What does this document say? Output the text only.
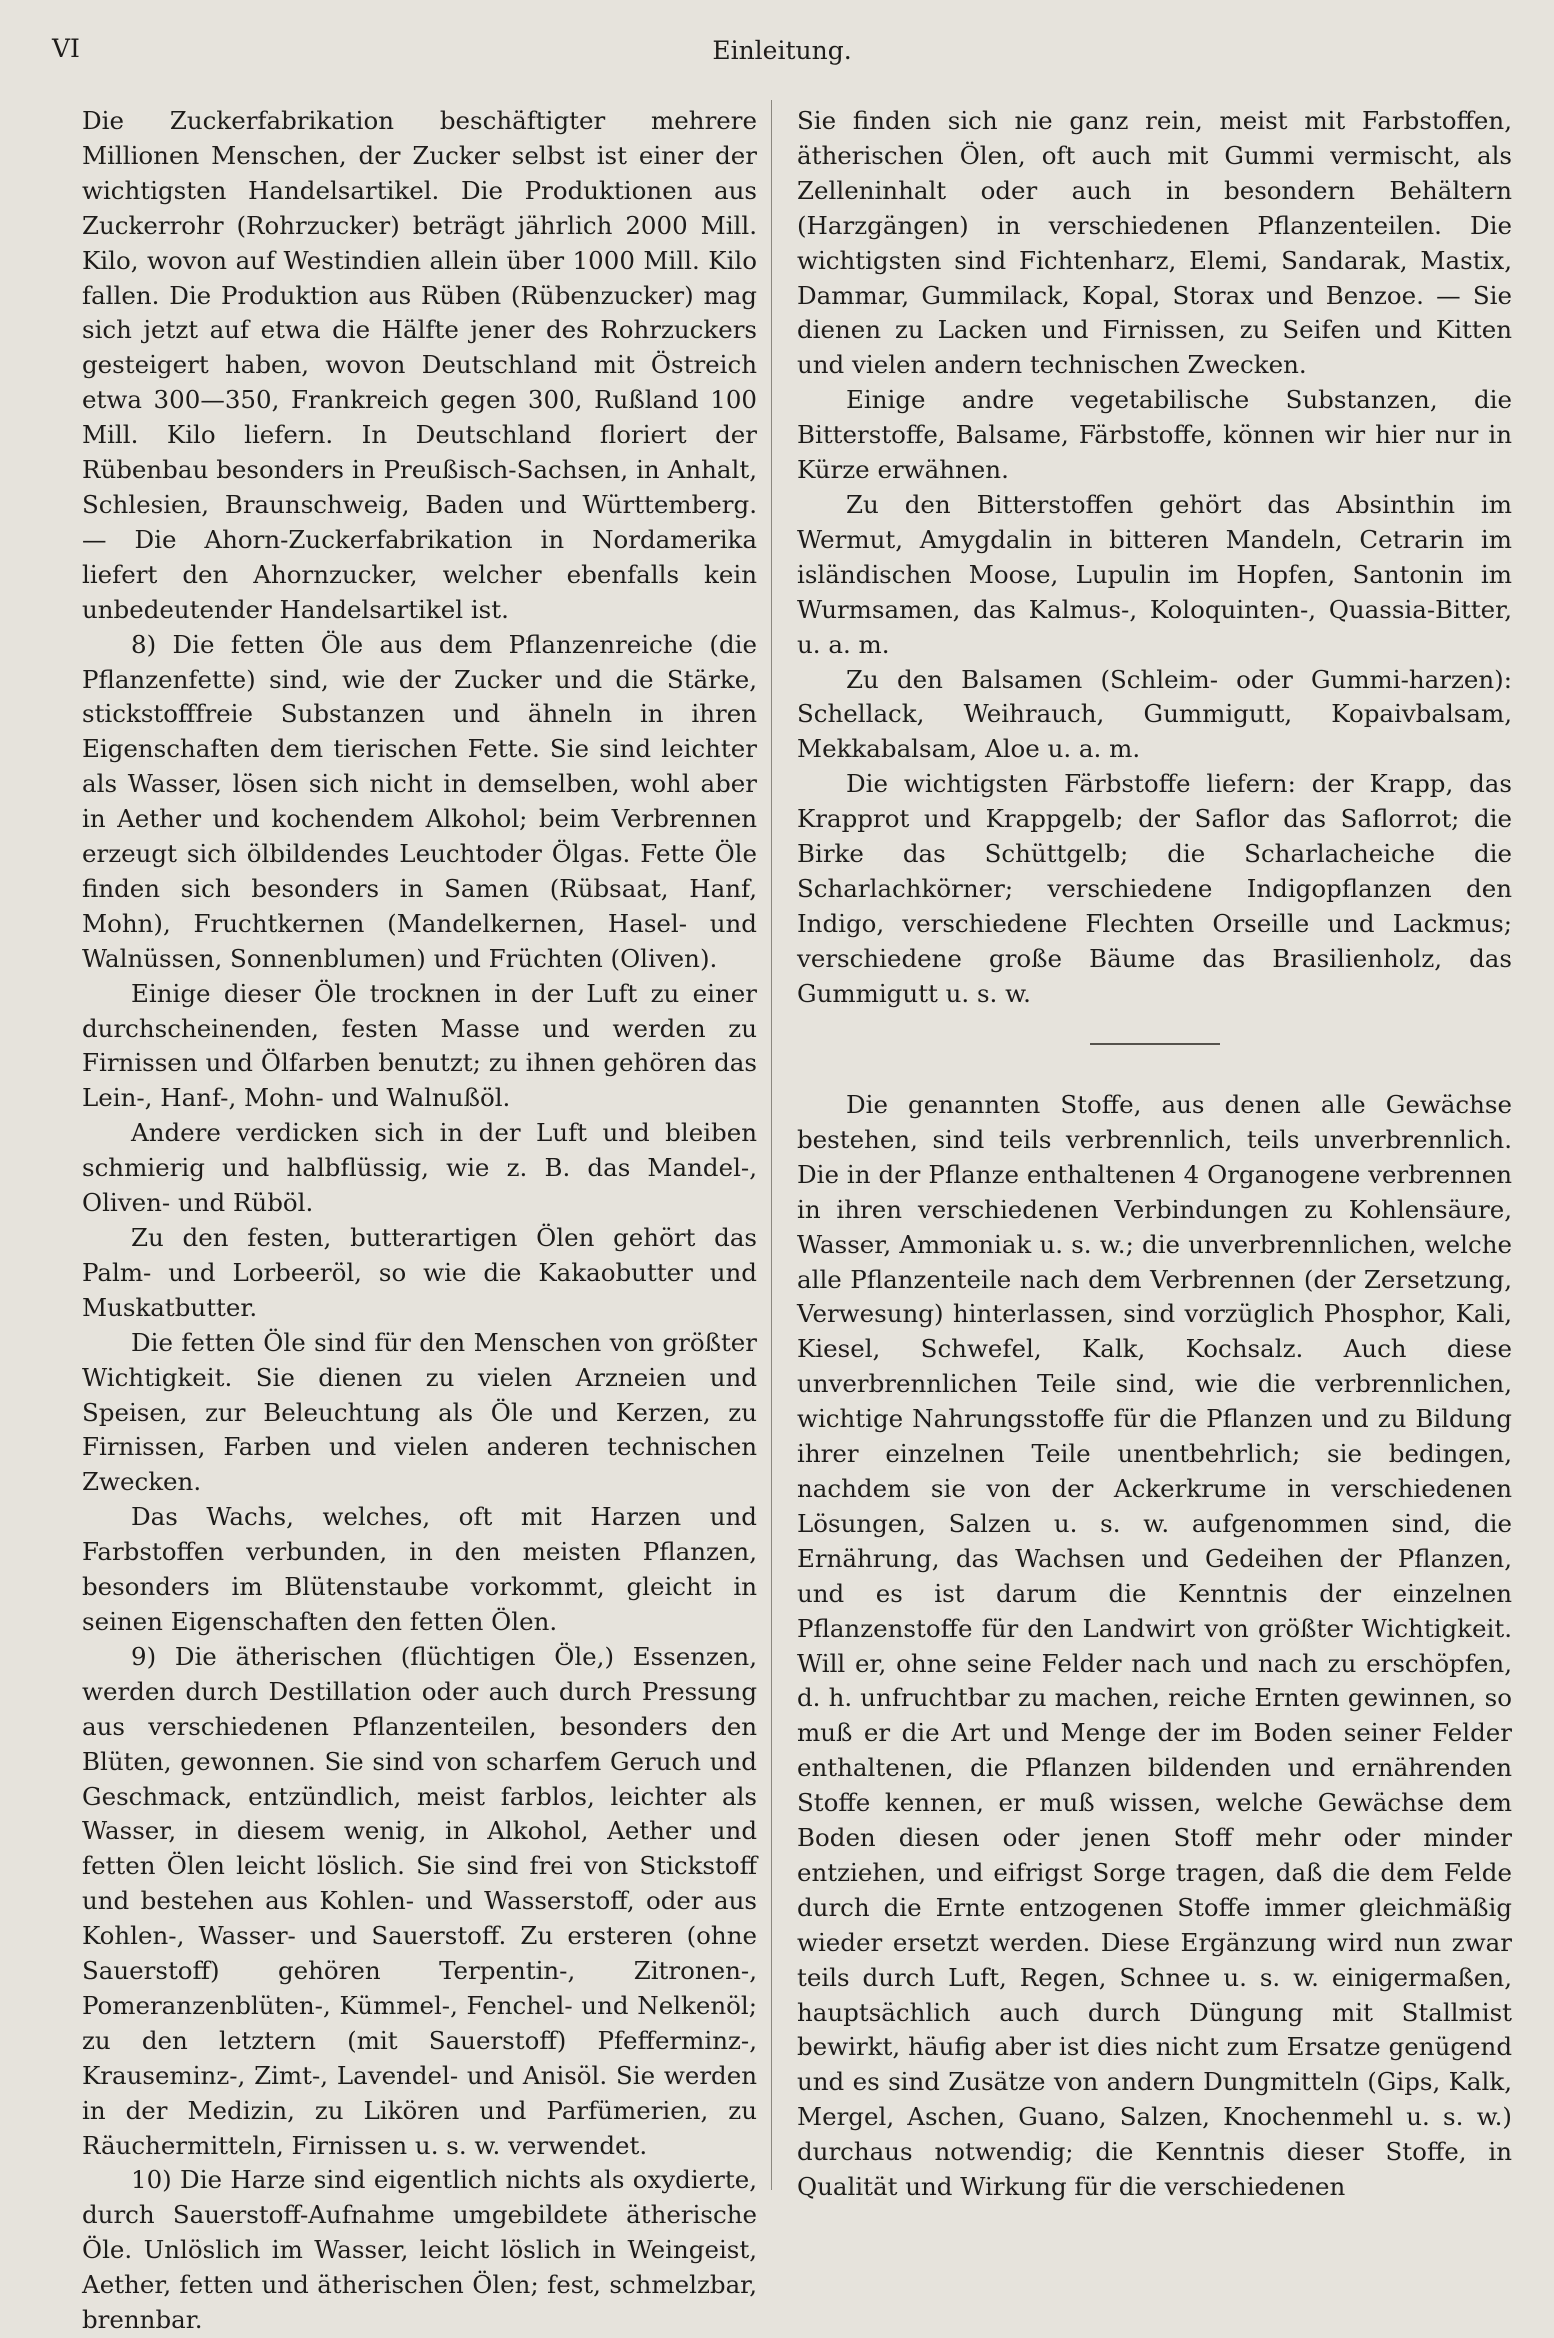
VI	Einleitung.

Die Zuckerfabrikation beschäftigter mehrere Millionen Menschen, der Zucker selbst ist einer der wichtigsten Handelsartikel. Die Produktionen aus Zuckerrohr (Rohrzucker) beträgt jährlich 2000 Mill. Kilo, wovon auf Westindien allein über 1000 Mill. Kilo fallen. Die Produktion aus Rüben (Rübenzucker) mag sich jetzt auf etwa die Hälfte jener des Rohrzuckers gesteigert haben, wovon Deutschland mit Östreich etwa 300—350, Frankreich gegen 300, Rußland 100 Mill. Kilo liefern. In Deutschland floriert der Rübenbau besonders in Preußisch-Sachsen, in Anhalt, Schlesien, Braunschweig, Baden und Württemberg. — Die Ahorn-Zuckerfabrikation in Nordamerika liefert den Ahornzucker, welcher ebenfalls kein unbedeutender Handelsartikel ist.

8) Die fetten Öle aus dem Pflanzenreiche (die Pflanzenfette) sind, wie der Zucker und die Stärke, stickstofffreie Substanzen und ähneln in ihren Eigenschaften dem tierischen Fette. Sie sind leichter als Wasser, lösen sich nicht in demselben, wohl aber in Aether und kochendem Alkohol; beim Verbrennen erzeugt sich ölbildendes Leuchtoder Ölgas. Fette Öle finden sich besonders in Samen (Rübsaat, Hanf, Mohn), Fruchtkernen (Mandelkernen, Hasel- und Walnüssen, Sonnenblumen) und Früchten (Oliven).

Einige dieser Öle trocknen in der Luft zu einer durchscheinenden, festen Masse und werden zu Firnissen und Ölfarben benutzt; zu ihnen gehören das Lein-, Hanf-, Mohn- und Walnußöl.

Andere verdicken sich in der Luft und bleiben schmierig und halbflüssig, wie z. B. das Mandel-, Oliven- und Rüböl.

Zu den festen, butterartigen Ölen gehört das Palm- und Lorbeeröl, so wie die Kakaobutter und Muskatbutter.

Die fetten Öle sind für den Menschen von größter Wichtigkeit. Sie dienen zu vielen Arzneien und Speisen, zur Beleuchtung als Öle und Kerzen, zu Firnissen, Farben und vielen anderen technischen Zwecken.

Das Wachs, welches, oft mit Harzen und Farbstoffen verbunden, in den meisten Pflanzen, besonders im Blütenstaube vorkommt, gleicht in seinen Eigenschaften den fetten Ölen.

9) Die ätherischen (flüchtigen Öle,) Essenzen, werden durch Destillation oder auch durch Pressung aus verschiedenen Pflanzenteilen, besonders den Blüten, gewonnen. Sie sind von scharfem Geruch und Geschmack, entzündlich, meist farblos, leichter als Wasser, in diesem wenig, in Alkohol, Aether und fetten Ölen leicht löslich. Sie sind frei von Stickstoff und bestehen aus Kohlen- und Wasserstoff, oder aus Kohlen-, Wasser- und Sauerstoff. Zu ersteren (ohne Sauerstoff) gehören Terpentin-, Zitronen-, Pomeranzenblüten-, Kümmel-, Fenchel- und Nelkenöl; zu den letztern (mit Sauerstoff) Pfefferminz-, Krauseminz-, Zimt-, Lavendel- und Anisöl. Sie werden in der Medizin, zu Likören und Parfümerien, zu Räuchermitteln, Firnissen u. s. w. verwendet.

10) Die Harze sind eigentlich nichts als oxydierte, durch Sauerstoff-Aufnahme umgebildete ätherische Öle. Unlöslich im Wasser, leicht löslich in Weingeist, Aether, fetten und ätherischen Ölen; fest, schmelzbar, brennbar.

Sie finden sich nie ganz rein, meist mit Farbstoffen, ätherischen Ölen, oft auch mit Gummi vermischt, als Zelleninhalt oder auch in besondern Behältern (Harzgängen) in verschiedenen Pflanzenteilen. Die wichtigsten sind Fichtenharz, Elemi, Sandarak, Mastix, Dammar, Gummilack, Kopal, Storax und Benzoe. — Sie dienen zu Lacken und Firnissen, zu Seifen und Kitten und vielen andern technischen Zwecken.

Einige andre vegetabilische Substanzen, die Bitterstoffe, Balsame, Färbstoffe, können wir hier nur in Kürze erwähnen.

Zu den Bitterstoffen gehört das Absinthin im Wermut, Amygdalin in bitteren Mandeln, Cetrarin im isländischen Moose, Lupulin im Hopfen, Santonin im Wurmsamen, das Kalmus-, Koloquinten-, Quassia-Bitter, u. a. m.

Zu den Balsamen (Schleim- oder Gummi-harzen): Schellack, Weihrauch, Gummigutt, Kopaivbalsam, Mekkabalsam, Aloe u. a. m.

Die wichtigsten Färbstoffe liefern: der Krapp, das Krapprot und Krappgelb; der Saflor das Saflorrot; die Birke das Schüttgelb; die Scharlacheiche die Scharlachkörner; verschiedene Indigopflanzen den Indigo, verschiedene Flechten Orseille und Lackmus; verschiedene große Bäume das Brasilienholz, das Gummigutt u. s. w.

Die genannten Stoffe, aus denen alle Gewächse bestehen, sind teils verbrennlich, teils unverbrennlich. Die in der Pflanze enthaltenen 4 Organogene verbrennen in ihren verschiedenen Verbindungen zu Kohlensäure, Wasser, Ammoniak u. s. w.; die unverbrennlichen, welche alle Pflanzenteile nach dem Verbrennen (der Zersetzung, Verwesung) hinterlassen, sind vorzüglich Phosphor, Kali, Kiesel, Schwefel, Kalk, Kochsalz. Auch diese unverbrennlichen Teile sind, wie die verbrennlichen, wichtige Nahrungsstoffe für die Pflanzen und zu Bildung ihrer einzelnen Teile unentbehrlich; sie bedingen, nachdem sie von der Ackerkrume in verschiedenen Lösungen, Salzen u. s. w. aufgenommen sind, die Ernährung, das Wachsen und Gedeihen der Pflanzen, und es ist darum die Kenntnis der einzelnen Pflanzenstoffe für den Landwirt von größter Wichtigkeit. Will er, ohne seine Felder nach und nach zu erschöpfen, d. h. unfruchtbar zu machen, reiche Ernten gewinnen, so muß er die Art und Menge der im Boden seiner Felder enthaltenen, die Pflanzen bildenden und ernährenden Stoffe kennen, er muß wissen, welche Gewächse dem Boden diesen oder jenen Stoff mehr oder minder entziehen, und eifrigst Sorge tragen, daß die dem Felde durch die Ernte entzogenen Stoffe immer gleichmäßig wieder ersetzt werden. Diese Ergänzung wird nun zwar teils durch Luft, Regen, Schnee u. s. w. einigermaßen, hauptsächlich auch durch Düngung mit Stallmist bewirkt, häufig aber ist dies nicht zum Ersatze genügend und es sind Zusätze von andern Dungmitteln (Gips, Kalk, Mergel, Aschen, Guano, Salzen, Knochenmehl u. s. w.) durchaus notwendig; die Kenntnis dieser Stoffe, in Qualität und Wirkung für die verschiedenen
